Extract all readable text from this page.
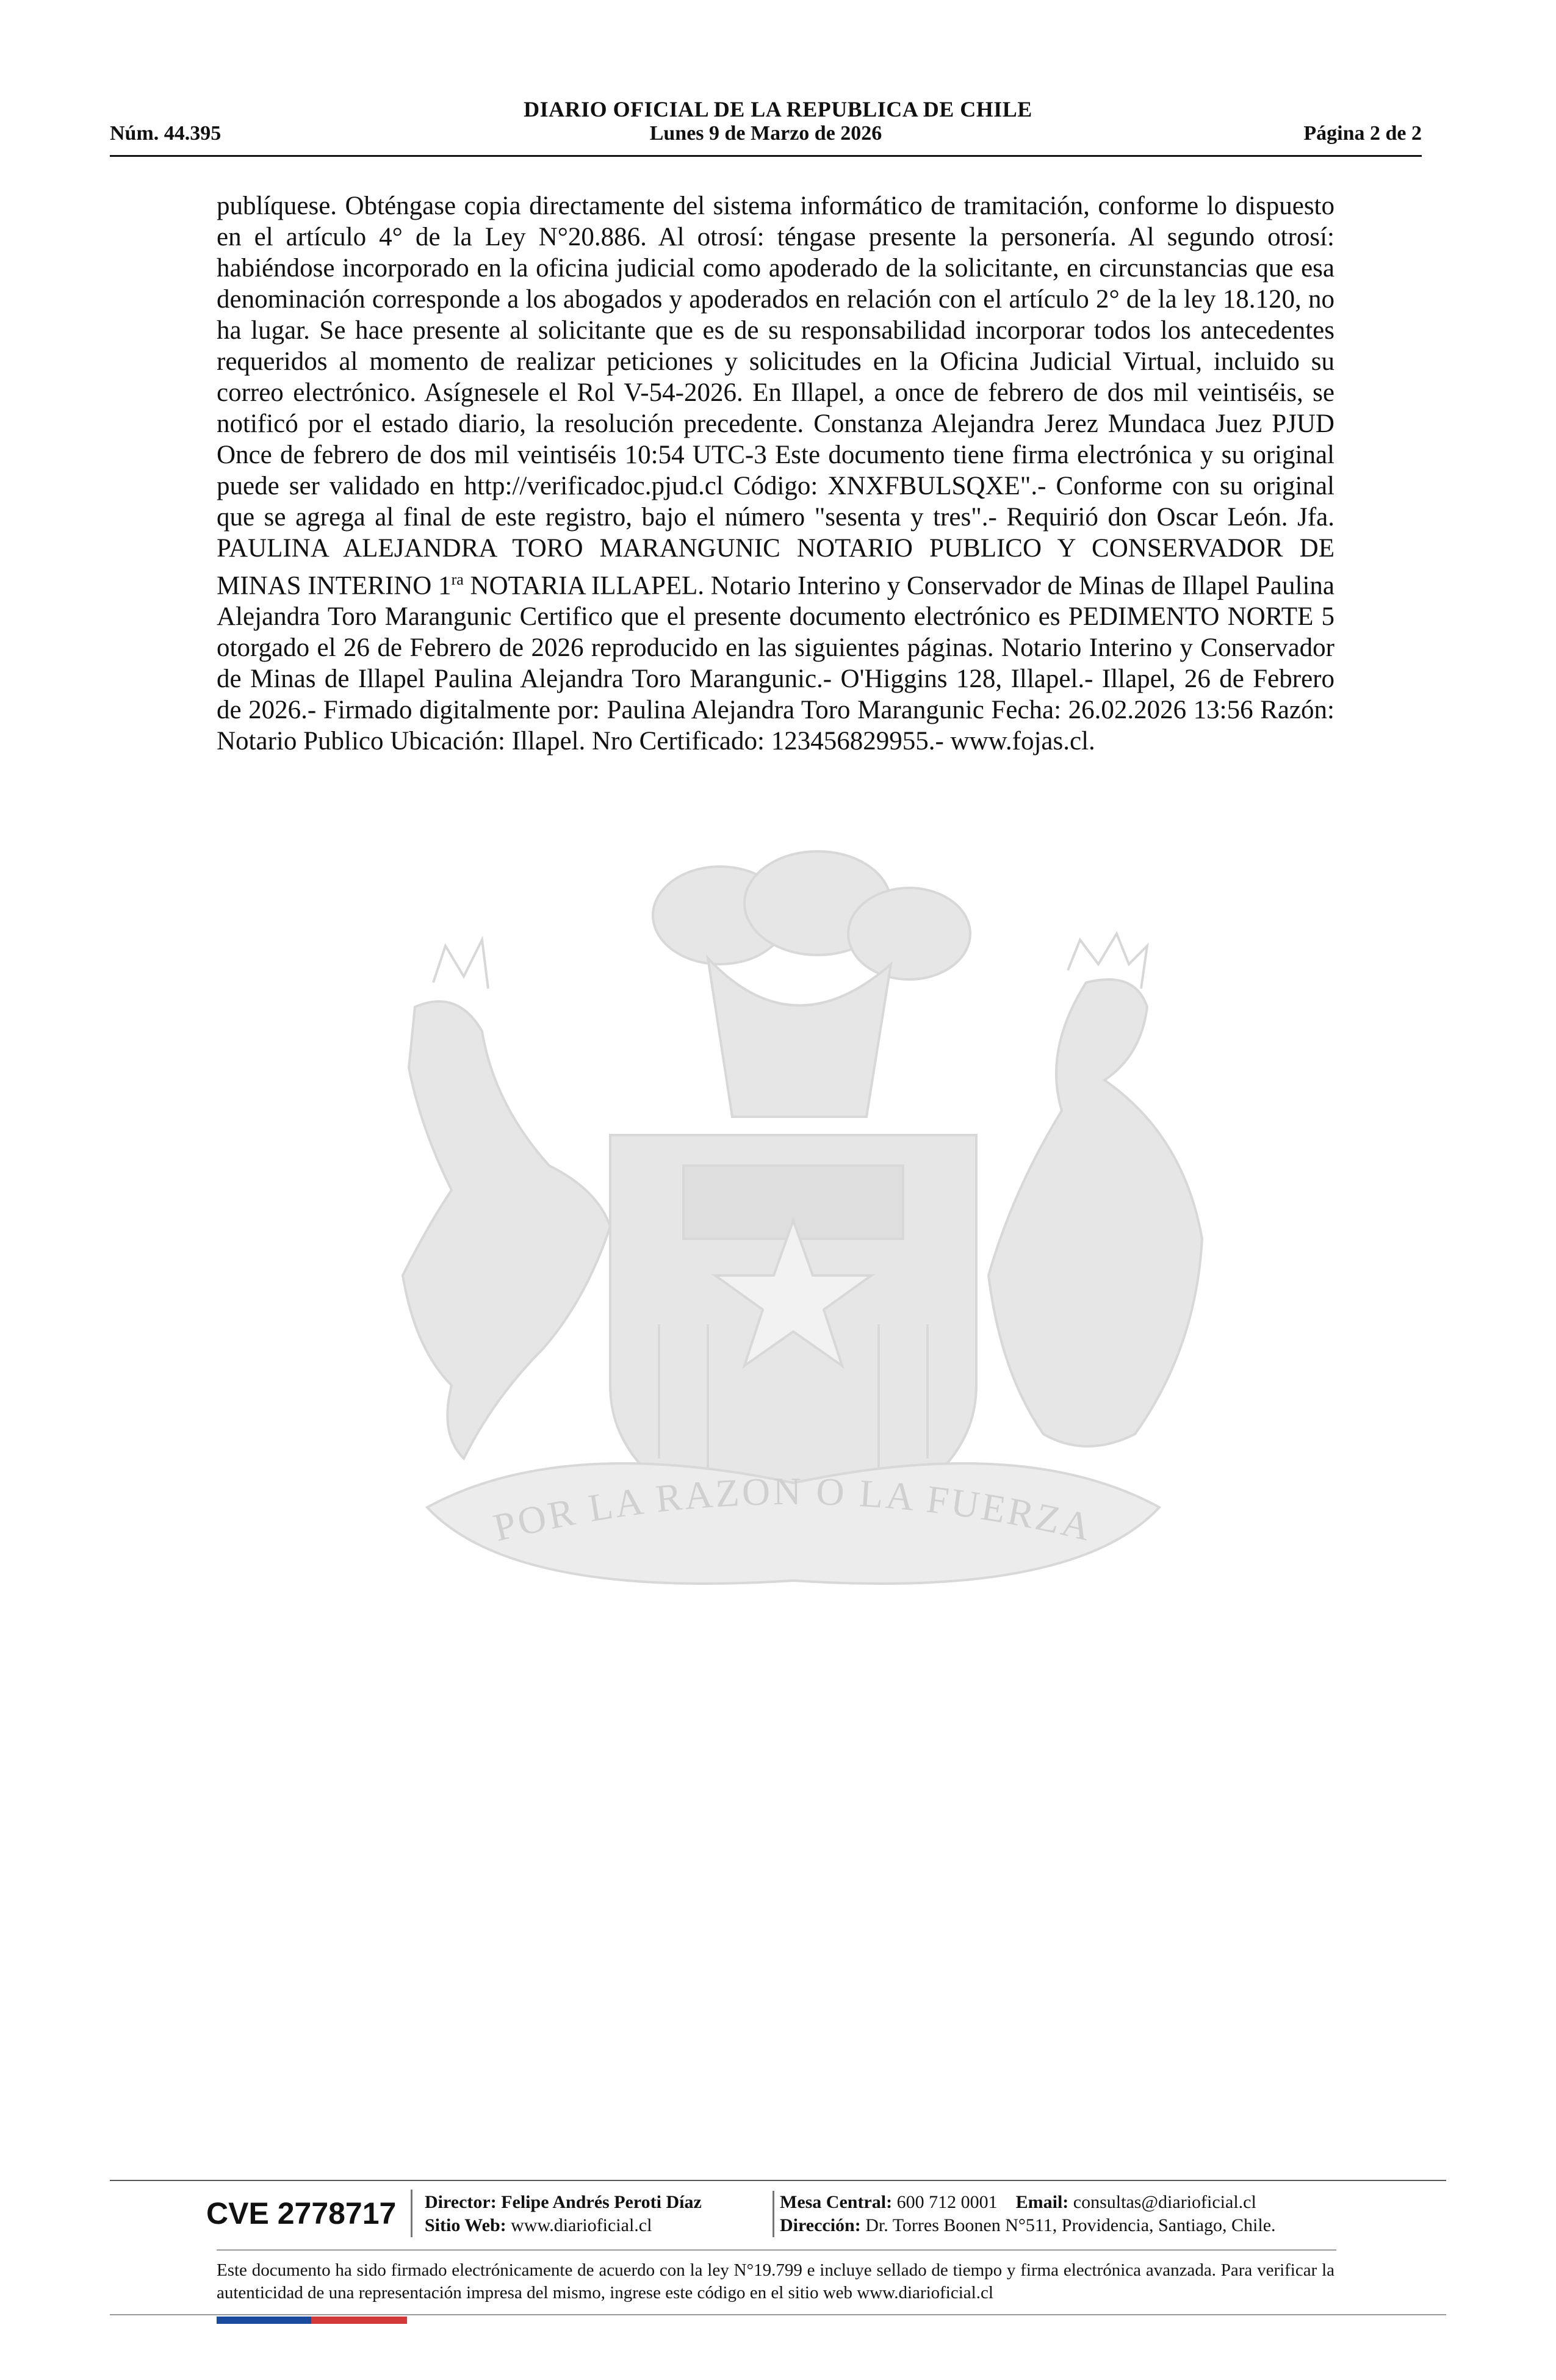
DIARIO OFICIAL DE LA REPUBLICA DE CHILE
Núm. 44.395	Lunes 9 de Marzo de 2026	Página 2 de 2

publíquese. Obténgase copia directamente del sistema informático de tramitación, conforme lo dispuesto en el artículo 4° de la Ley N°20.886. Al otrosí: téngase presente la personería. Al segundo otrosí: habiéndose incorporado en la oficina judicial como apoderado de la solicitante, en circunstancias que esa denominación corresponde a los abogados y apoderados en relación con el artículo 2° de la ley 18.120, no ha lugar. Se hace presente al solicitante que es de su responsabilidad incorporar todos los antecedentes requeridos al momento de realizar peticiones y solicitudes en la Oficina Judicial Virtual, incluido su correo electrónico. Asígnesele el Rol V-54-2026. En Illapel, a once de febrero de dos mil veintiséis, se notificó por el estado diario, la resolución precedente. Constanza Alejandra Jerez Mundaca Juez PJUD Once de febrero de dos mil veintiséis 10:54 UTC-3 Este documento tiene firma electrónica y su original puede ser validado en http://verificadoc.pjud.cl Código: XNXFBULSQXE".- Conforme con su original que se agrega al final de este registro, bajo el número "sesenta y tres".- Requirió don Oscar León. Jfa. PAULINA ALEJANDRA TORO MARANGUNIC NOTARIO PUBLICO Y CONSERVADOR DE MINAS INTERINO $1^{ra}$ NOTARIA ILLAPEL. Notario Interino y Conservador de Minas de Illapel Paulina Alejandra Toro Marangunic Certifico que el presente documento electrónico es PEDIMENTO NORTE 5 otorgado el 26 de Febrero de 2026 reproducido en las siguientes páginas. Notario Interino y Conservador de Minas de Illapel Paulina Alejandra Toro Marangunic.- O'Higgins 128, Illapel.- Illapel, 26 de Febrero de 2026.- Firmado digitalmente por: Paulina Alejandra Toro Marangunic Fecha: 26.02.2026 13:56 Razón: Notario Publico Ubicación: Illapel. Nro Certificado: 123456829955.- www.fojas.cl.

POR LA RAZON O LA FUERZA
CVE 2778717	Director: Felipe Andrés Peroti Díaz
Sitio Web: www.diarioficial.cl
Mesa Central: 600 712 0001 Email: consultas@diarioficial.cl
Dirección: Dr. Torres Boonen N°511, Providencia, Santiago, Chile.

Este documento ha sido firmado electrónicamente de acuerdo con la ley N°19.799 e incluye sellado de tiempo y firma electrónica avanzada. Para verificar la autenticidad de una representación impresa del mismo, ingrese este código en el sitio web www.diarioficial.cl
